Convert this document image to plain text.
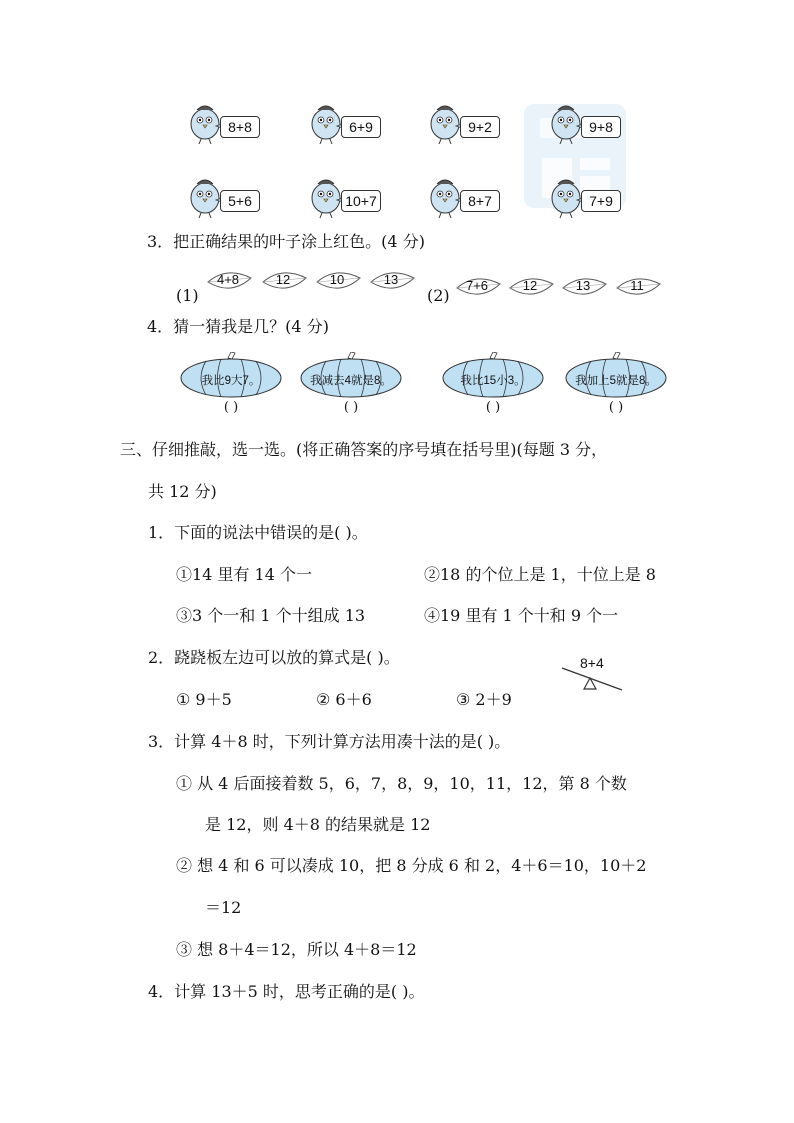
8+8	6+9	9+2	9+8
5+6	10+7	8+7	7+9
3．把正确结果的叶子涂上红色。(4 分)
(1)	(2)
4+8	12	10	13	7+6	12	13	11
4．猜一猜我是几？(4 分)
我比9大7。
( )
我减去4就是8。
( )
我比15小3。
( )
我加上5就是8。
( )
三、仔细推敲，选一选。(将正确答案的序号填在括号里)(每题 3 分，
共 12 分)
1．下面的说法中错误的是( )。
①14 里有 14 个一	②18 的个位上是 1，十位上是 8
③3 个一和 1 个十组成 13	④19 里有 1 个十和 9 个一
2．跷跷板左边可以放的算式是( )。
① 9＋5	② 6＋6	③ 2＋9
8+4
3．计算 4＋8 时，下列计算方法用凑十法的是( )。
① 从 4 后面接着数 5，6，7，8，9，10，11，12，第 8 个数
是 12，则 4＋8 的结果就是 12
② 想 4 和 6 可以凑成 10，把 8 分成 6 和 2，4＋6＝10，10＋2
＝12
③ 想 8＋4＝12，所以 4＋8＝12
4．计算 13＋5 时，思考正确的是( )。
